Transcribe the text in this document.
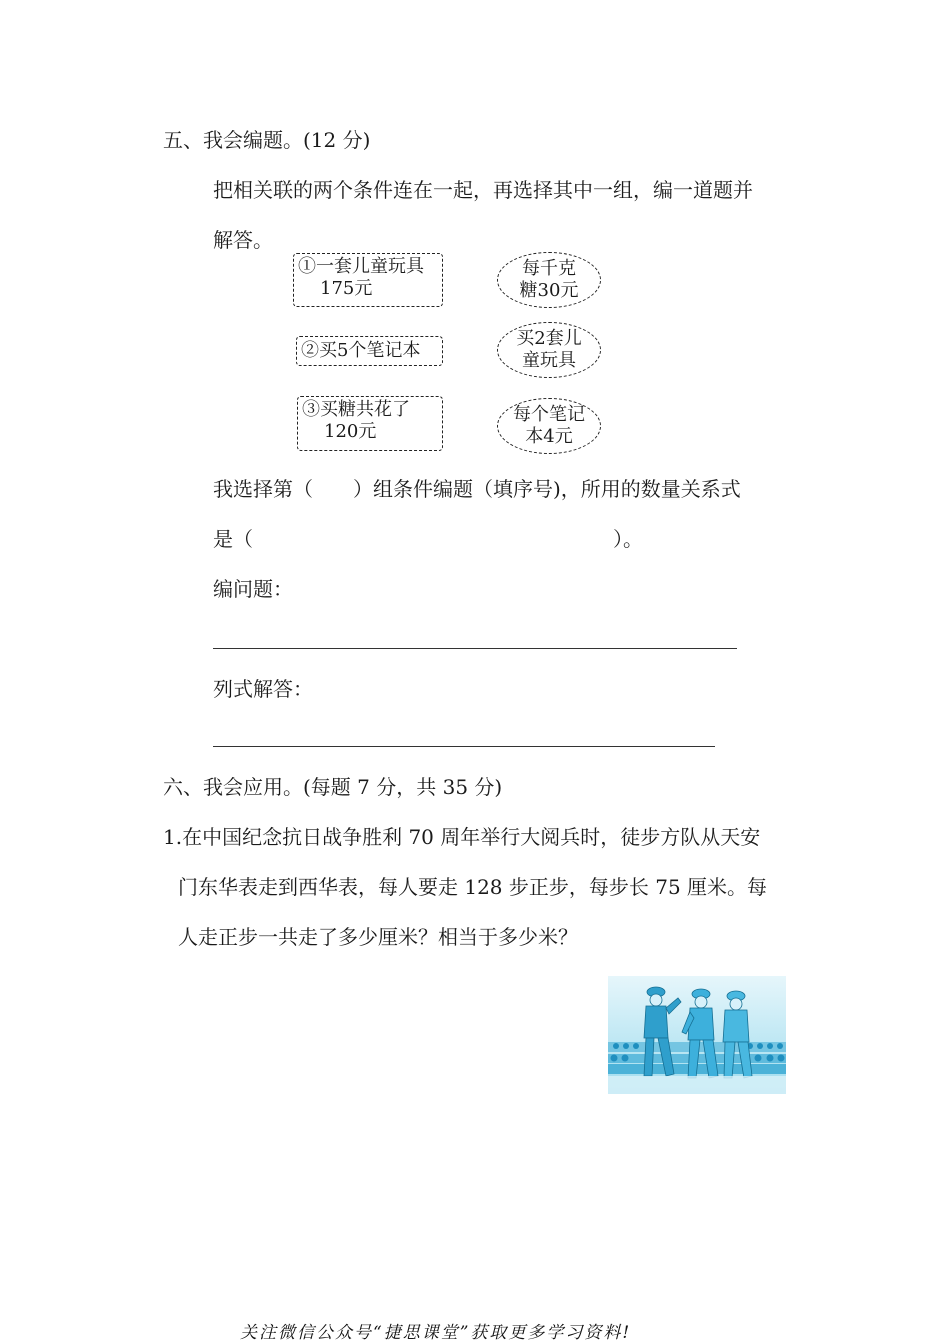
五、我会编题。(12 分)
把相关联的两个条件连在一起，再选择其中一组，编一道题并
解答。
①一套儿童玩具
175元
②买5个笔记本
③买糖共花了
120元
每千克
糖30元
买2套儿
童玩具
每个笔记
本4元
我选择第（　　）组条件编题（填序号)，所用的数量关系式
是（　　　　　　　　　　　　　　　　　　）。
编问题：
列式解答：
六、我会应用。(每题 7 分，共 35 分)
1.在中国纪念抗日战争胜利 70 周年举行大阅兵时，徒步方队从天安
门东华表走到西华表，每人要走 128 步正步，每步长 75 厘米。每
人走正步一共走了多少厘米？相当于多少米？
关注微信公众号“捷思课堂”获取更多学习资料!
